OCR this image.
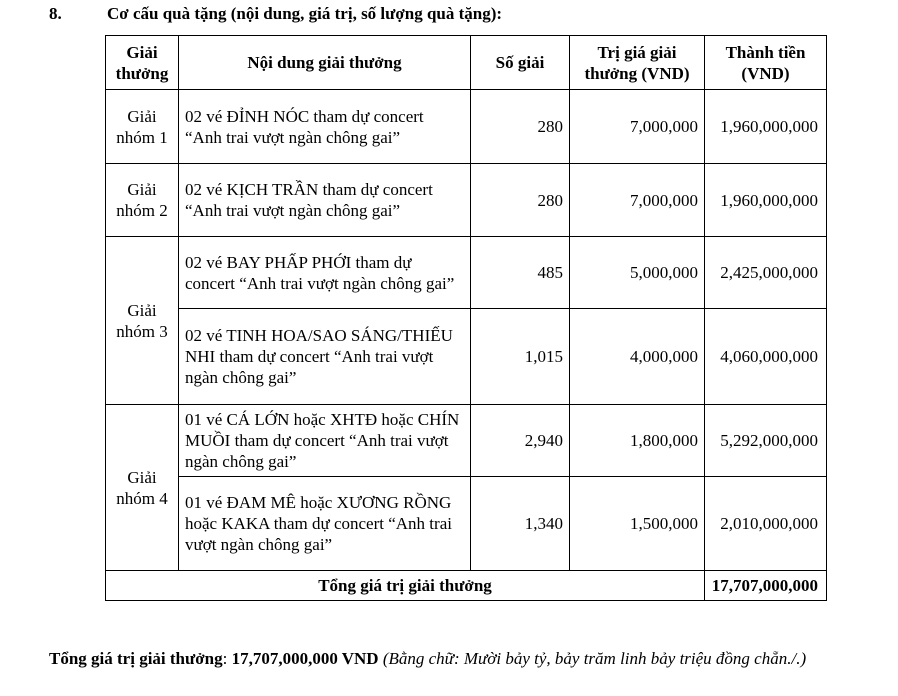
8.	Cơ cấu quà tặng (nội dung, giá trị, số lượng quà tặng):
Giải thưởng	Nội dung giải thưởng	Số giải	Trị giá giải thưởng (VND)	Thành tiền (VND)
Giải nhóm 1	02 vé ĐỈNH NÓC tham dự concert “Anh trai vượt ngàn chông gai”	280	7,000,000	1,960,000,000
Giải nhóm 2	02 vé KỊCH TRẦN tham dự concert “Anh trai vượt ngàn chông gai”	280	7,000,000	1,960,000,000
Giải nhóm 3	02 vé BAY PHẤP PHỚI tham dự concert “Anh trai vượt ngàn chông gai”	485	5,000,000	2,425,000,000
	02 vé TINH HOA/SAO SÁNG/THIẾU NHI tham dự concert “Anh trai vượt ngàn chông gai”	1,015	4,000,000	4,060,000,000
Giải nhóm 4	01 vé CÁ LỚN hoặc XHTĐ hoặc CHÍN MUỒI tham dự concert “Anh trai vượt ngàn chông gai”	2,940	1,800,000	5,292,000,000
	01 vé ĐAM MÊ hoặc XƯƠNG RỒNG hoặc KAKA tham dự concert “Anh trai vượt ngàn chông gai”	1,340	1,500,000	2,010,000,000
Tổng giá trị giải thưởng				17,707,000,000
Tổng giá trị giải thưởng: 17,707,000,000 VND (Bằng chữ: Mười bảy tỷ, bảy trăm linh bảy triệu đồng chẵn./.)
